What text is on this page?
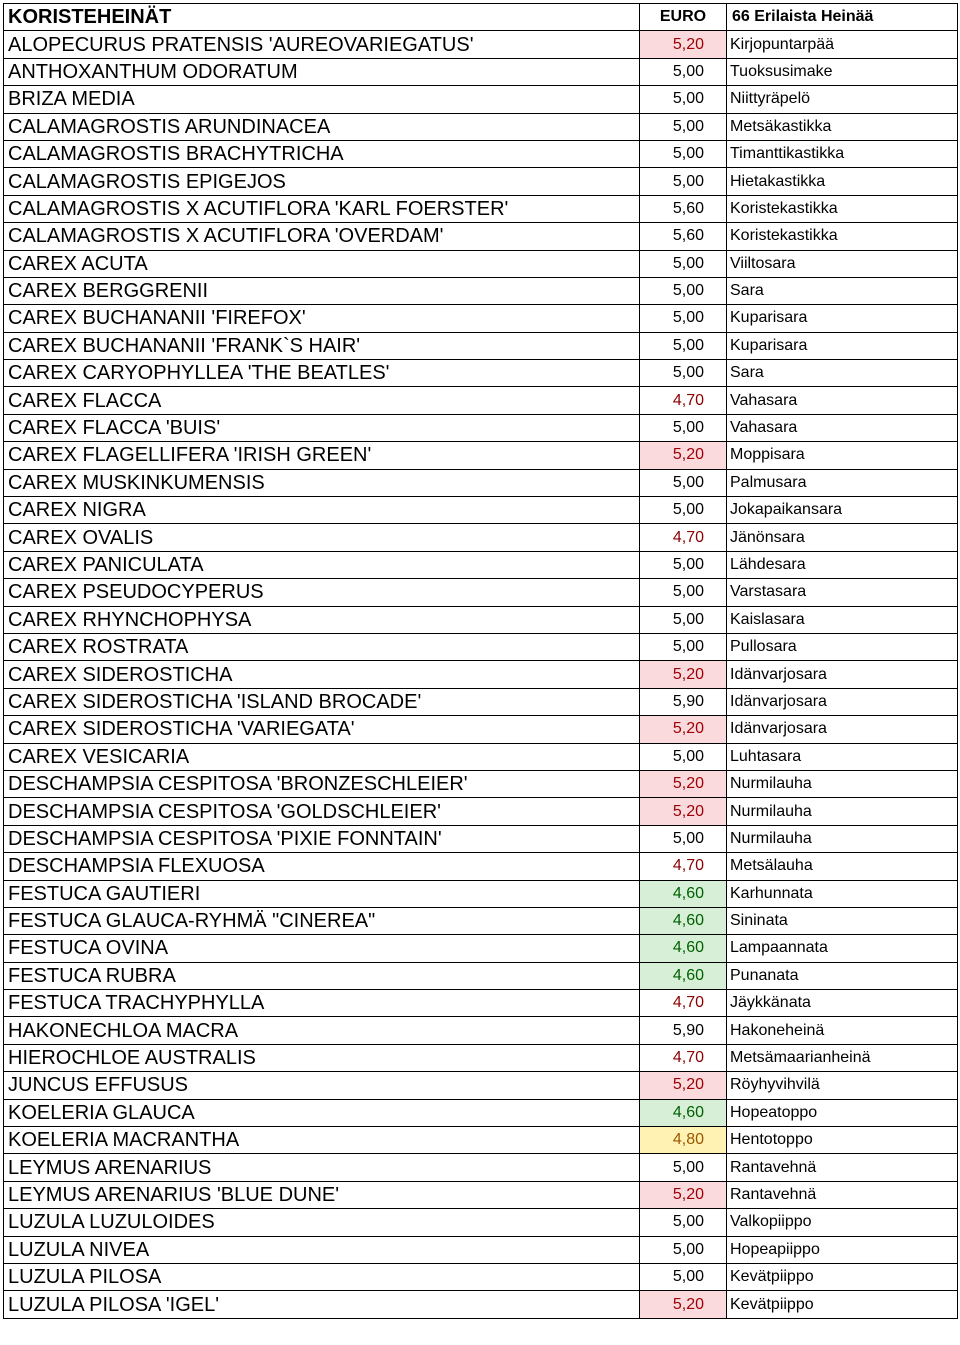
KORISTEHEINÄT	EURO	66 Erilaista Heinää
ALOPECURUS PRATENSIS 'AUREOVARIEGATUS'	5,20	Kirjopuntarpää
ANTHOXANTHUM ODORATUM	5,00	Tuoksusimake
BRIZA MEDIA	5,00	Niittyräpelö
CALAMAGROSTIS ARUNDINACEA	5,00	Metsäkastikka
CALAMAGROSTIS BRACHYTRICHA	5,00	Timanttikastikka
CALAMAGROSTIS EPIGEJOS	5,00	Hietakastikka
CALAMAGROSTIS X ACUTIFLORA 'KARL FOERSTER'	5,60	Koristekastikka
CALAMAGROSTIS X ACUTIFLORA 'OVERDAM'	5,60	Koristekastikka
CAREX ACUTA	5,00	Viiltosara
CAREX BERGGRENII	5,00	Sara
CAREX BUCHANANII 'FIREFOX'	5,00	Kuparisara
CAREX BUCHANANII 'FRANK`S HAIR'	5,00	Kuparisara
CAREX CARYOPHYLLEA 'THE BEATLES'	5,00	Sara
CAREX FLACCA	4,70	Vahasara
CAREX FLACCA 'BUIS'	5,00	Vahasara
CAREX FLAGELLIFERA 'IRISH GREEN'	5,20	Moppisara
CAREX MUSKINKUMENSIS	5,00	Palmusara
CAREX NIGRA	5,00	Jokapaikansara
CAREX OVALIS	4,70	Jänönsara
CAREX PANICULATA	5,00	Lähdesara
CAREX PSEUDOCYPERUS	5,00	Varstasara
CAREX RHYNCHOPHYSA	5,00	Kaislasara
CAREX ROSTRATA	5,00	Pullosara
CAREX SIDEROSTICHA	5,20	Idänvarjosara
CAREX SIDEROSTICHA 'ISLAND BROCADE'	5,90	Idänvarjosara
CAREX SIDEROSTICHA 'VARIEGATA'	5,20	Idänvarjosara
CAREX VESICARIA	5,00	Luhtasara
DESCHAMPSIA CESPITOSA 'BRONZESCHLEIER'	5,20	Nurmilauha
DESCHAMPSIA CESPITOSA 'GOLDSCHLEIER'	5,20	Nurmilauha
DESCHAMPSIA CESPITOSA 'PIXIE FONNTAIN'	5,00	Nurmilauha
DESCHAMPSIA FLEXUOSA	4,70	Metsälauha
FESTUCA GAUTIERI	4,60	Karhunnata
FESTUCA GLAUCA-RYHMÄ "CINEREA"	4,60	Sininata
FESTUCA OVINA	4,60	Lampaannata
FESTUCA RUBRA	4,60	Punanata
FESTUCA TRACHYPHYLLA	4,70	Jäykkänata
HAKONECHLOA MACRA	5,90	Hakoneheinä
HIEROCHLOE AUSTRALIS	4,70	Metsämaarianheinä
JUNCUS EFFUSUS	5,20	Röyhyvihvilä
KOELERIA GLAUCA	4,60	Hopeatoppo
KOELERIA MACRANTHA	4,80	Hentotoppo
LEYMUS ARENARIUS	5,00	Rantavehnä
LEYMUS ARENARIUS 'BLUE DUNE'	5,20	Rantavehnä
LUZULA LUZULOIDES	5,00	Valkopiippo
LUZULA NIVEA	5,00	Hopeapiippo
LUZULA PILOSA	5,00	Kevätpiippo
LUZULA PILOSA 'IGEL'	5,20	Kevätpiippo
